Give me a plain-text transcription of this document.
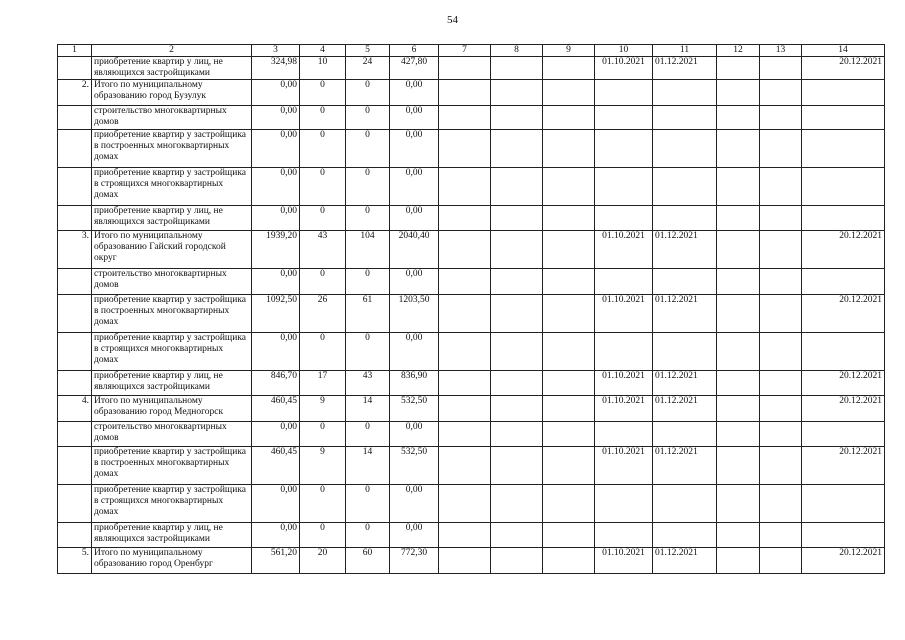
54
1	2	3	4	5	6	7	8	9	10	11	12	13	14
	приобретение квартир у лиц, не являющихся застройщиками	324,98	10	24	427,80				01.10.2021	01.12.2021			20.12.2021
2.	Итого по муниципальному образованию город Бузулук	0,00	0	0	0,00								
	строительство многоквартирных домов	0,00	0	0	0,00								
	приобретение квартир у застройщика в построенных многоквартирных домах	0,00	0	0	0,00								
	приобретение квартир у застройщика в строящихся многоквартирных домах	0,00	0	0	0,00								
	приобретение квартир у лиц, не являющихся застройщиками	0,00	0	0	0,00								
3.	Итого по муниципальному образованию Гайский городской округ	1939,20	43	104	2040,40				01.10.2021	01.12.2021			20.12.2021
	строительство многоквартирных домов	0,00	0	0	0,00								
	приобретение квартир у застройщика в построенных многоквартирных домах	1092,50	26	61	1203,50				01.10.2021	01.12.2021			20.12.2021
	приобретение квартир у застройщика в строящихся многоквартирных домах	0,00	0	0	0,00								
	приобретение квартир у лиц, не являющихся застройщиками	846,70	17	43	836,90				01.10.2021	01.12.2021			20.12.2021
4.	Итого по муниципальному образованию город Медногорск	460,45	9	14	532,50				01.10.2021	01.12.2021			20.12.2021
	строительство многоквартирных домов	0,00	0	0	0,00								
	приобретение квартир у застройщика в построенных многоквартирных домах	460,45	9	14	532,50				01.10.2021	01.12.2021			20.12.2021
	приобретение квартир у застройщика в строящихся многоквартирных домах	0,00	0	0	0,00								
	приобретение квартир у лиц, не являющихся застройщиками	0,00	0	0	0,00								
5.	Итого по муниципальному образованию город Оренбург	561,20	20	60	772,30				01.10.2021	01.12.2021			20.12.2021
